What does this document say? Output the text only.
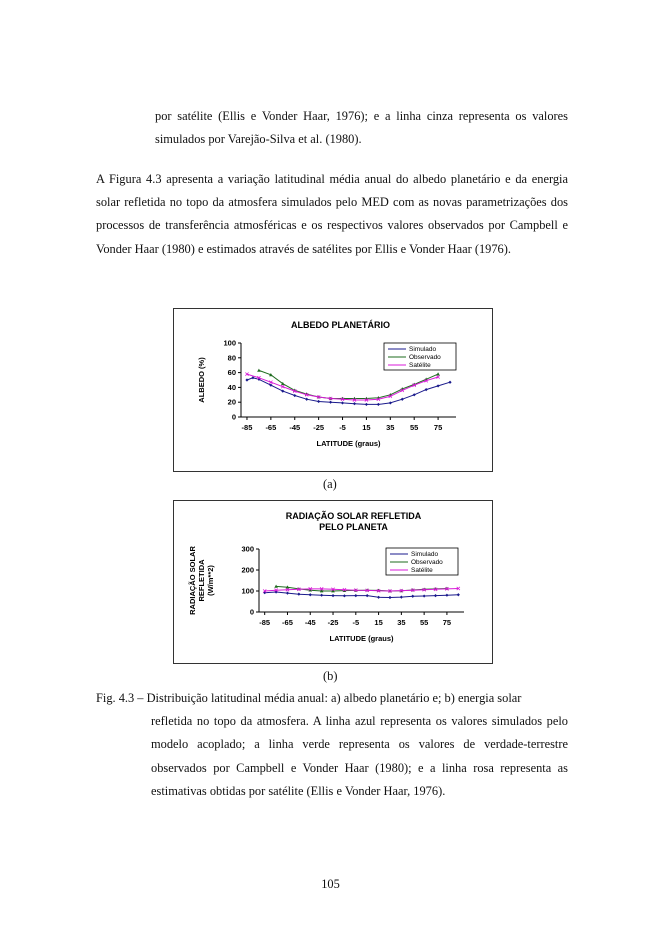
por satélite (Ellis e Vonder Haar, 1976); e a linha cinza representa os valores simulados por Varejão-Silva et al. (1980).
A Figura 4.3 apresenta a variação latitudinal média anual do albedo planetário e da energia solar refletida no topo da atmosfera simulados pelo MED com as novas parametrizações dos processos de transferência atmosféricas e os respectivos valores observados por Campbell e Vonder Haar (1980) e estimados através de satélites por Ellis e Vonder Haar (1976).
ALBEDO PLANETÁRIO
0
20
40
60
80
100
-85 -65 -45 -25 -5 15 35 55 75
LATITUDE (graus)
ALBEDO (%)
Simulado
Observado
Satélite
(a)
RADIAÇÃO SOLAR REFLETIDA
PELO PLANETA
0
100
200
300
-85 -65 -45 -25 -5 15 35 55 75
LATITUDE (graus)
RADIAÇÃO SOLAR REFLETIDA (W/m**2)
Simulado
Observado
Satélite
(b)
Fig. 4.3 – Distribuição latitudinal média anual: a) albedo planetário e; b) energia solar
refletida no topo da atmosfera. A linha azul representa os valores simulados pelo modelo acoplado; a linha verde representa os valores de verdade-terrestre observados por Campbell e Vonder Haar (1980); e a linha rosa representa as estimativas obtidas por satélite (Ellis e Vonder Haar, 1976).
105
